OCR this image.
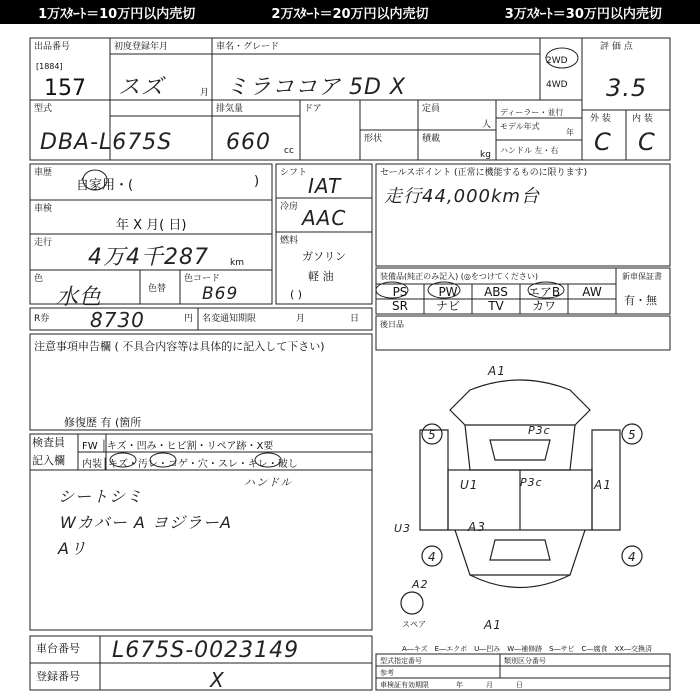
1万ｽﾀｰﾄ＝10万円以内売切	2万ｽﾀｰﾄ＝20万円以内売切	3万ｽﾀｰﾄ＝30万円以内売切
出品番号
[1884]
157
初度登録年月
スズ	月
車名・グレード
ミラココア 5D X
2WD
4WD
評 価 点
3.5
型式
DBA-L675S
排気量
660 cc
ドア
形状
定員
人
積載
kg
ディーラー・並行
モデル年式
年
ハンドル 左・右
外 装 内 装
C C
車歴
自家用・(	)
車検
年 X 月( 日)
走行
4万4千287 km
色
水色	色替
色コード
B69
シフト
IAT
冷房 AAC
燃料
ガソリン
軽 油
( )
R券 8730	円 名変通知期限	月	日
セールスポイント (正常に機能するものに限ります)
走行44,000km台
装備品(純正のみ記入) (◎をつけてください)
PS	PW	ABS	エアB	AW
SR	ナビ	TV	カワ
新車保証書
有・無
後日品
注意事項申告欄 ( 不具合内容等は具体的に記入して下さい)
修復歴 有 (箇所
検査員
記入欄
FW │キズ・凹み・ヒビ割・リペア跡・X要
内装│キズ・汚レ・コゲ・穴・スレ・キレ・破し
ハンドル
シートシミ
Wカバー A ヨジラーA
Aリ
A1
P3c
5	5
U1	P3c	A1
U3	A3
4	4
A2
A1
スペア
A―キズ　E―エクボ　U―凹み　W―補修跡　S―サビ　C―腐食　XX―交換済
車台番号 L675S-0023149
登録番号	X
型式指定番号	類別区分番号
参考
車検証有効期限	年	月	日
